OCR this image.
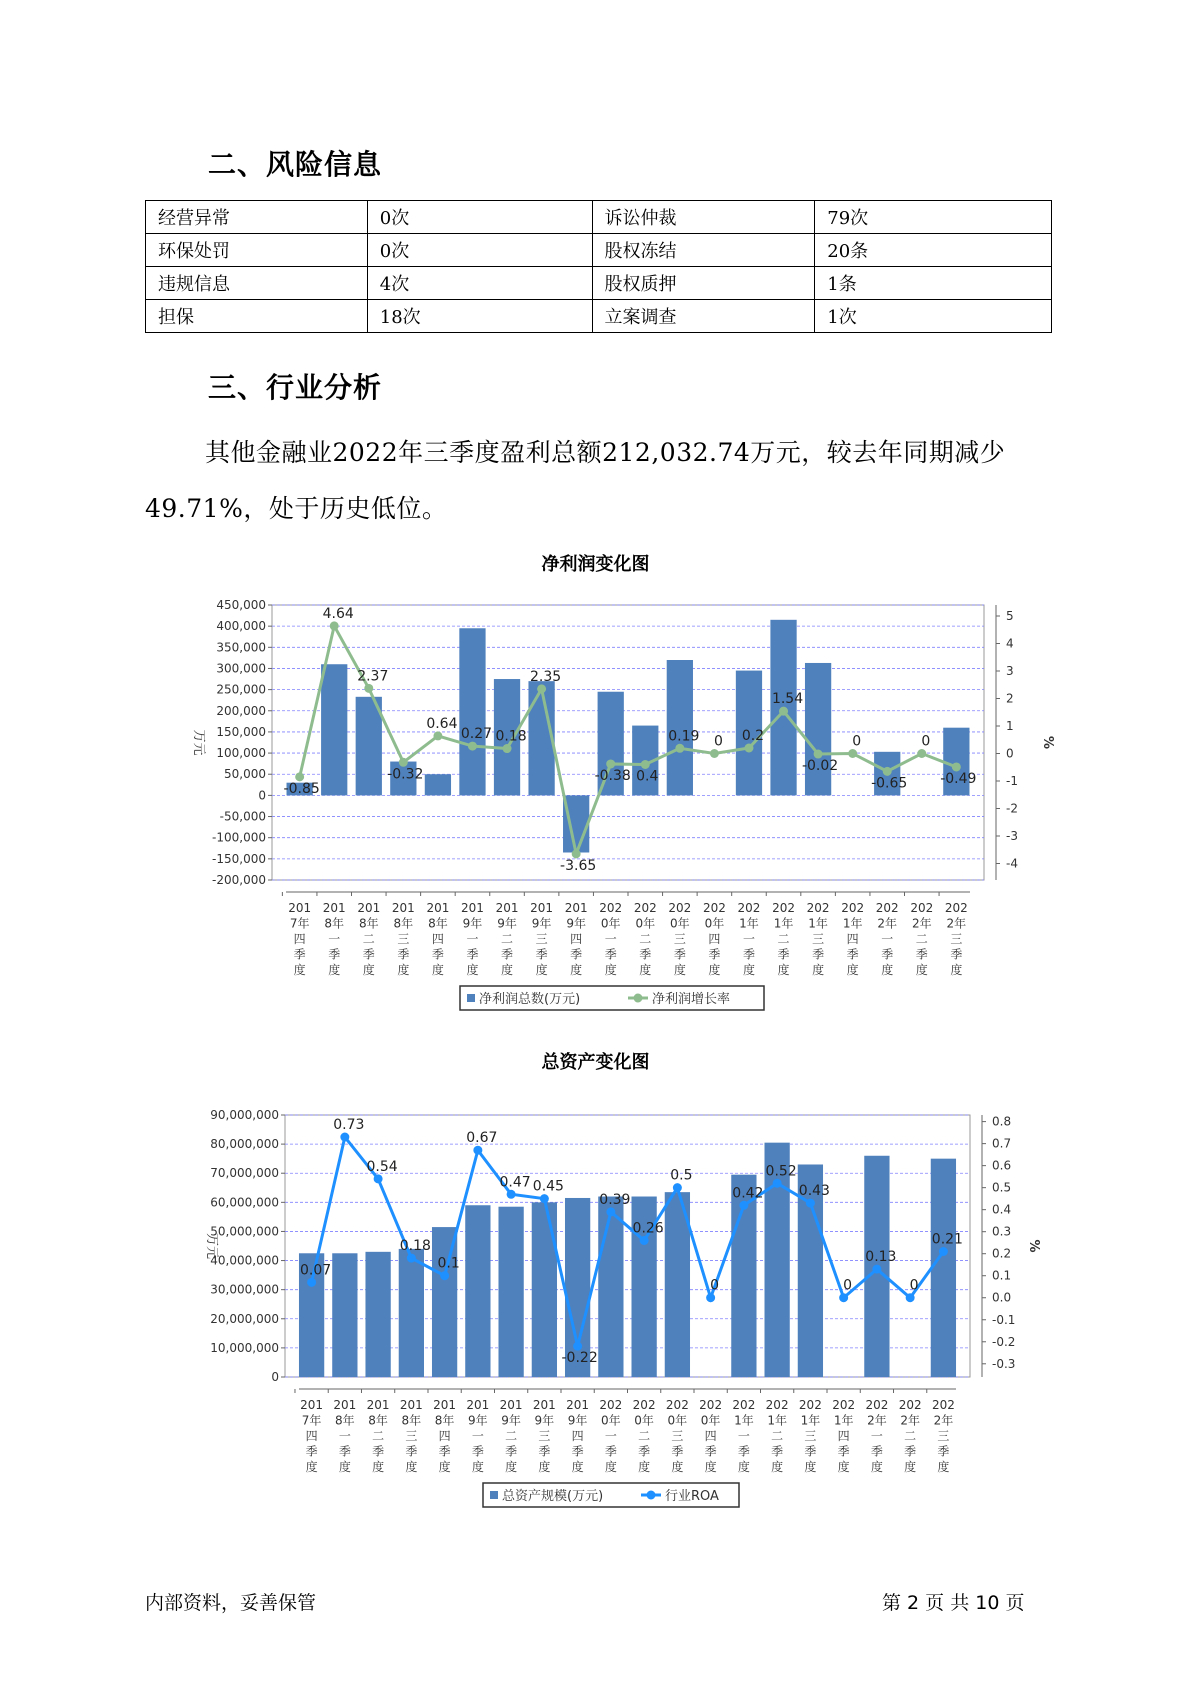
二、风险信息
经营异常	0次	诉讼仲裁	79次
环保处罚	0次	股权冻结	20条
违规信息	4次	股权质押	1条
担保	18次	立案调查	1次
三、行业分析
其他金融业2022年三季度盈利总额212,032.74万元，较去年同期减少49.71%，处于历史低位。
净利润变化图
450,000
400,000
350,000
300,000
250,000
200,000
150,000
100,000
50,000
0
-50,000
-100,000
-150,000
-200,000
5
4
3
2
1
0
-1
-2
-3
-4
万元	%
201 7年四季度
201 8年一季度
201 8年二季度
201 8年三季度
201 8年四季度
201 9年一季度
201 9年二季度
201 9年三季度
201 9年四季度
202 0年一季度
202 0年二季度
202 0年三季度
202 0年四季度
202 1年一季度
202 1年二季度
202 1年三季度
202 1年四季度
202 2年一季度
202 2年二季度
202 2年三季度
-0.85
4.64
2.37
-0.32
0.64
0.27 0.18
2.35
-3.65
-0.38 0.4
0.19 0 0.2
1.54
-0.02
0
-0.65
0
-0.49
净利润总数(万元)	净利润增长率
总资产变化图
90,000,000
80,000,000
70,000,000
60,000,000
50,000,000
40,000,000
30,000,000
20,000,000
10,000,000
0
0.8
0.7
0.6
0.5
0.4
0.3
0.2
0.1
0.0
-0.1
-0.2
-0.3
万元	%
201 7年四季度
201 8年一季度
201 8年二季度
201 8年三季度
201 8年四季度
201 9年一季度
201 9年二季度
201 9年三季度
201 9年四季度
202 0年一季度
202 0年二季度
202 0年三季度
202 0年四季度
202 1年一季度
202 1年二季度
202 1年三季度
202 1年四季度
202 2年一季度
202 2年二季度
202 2年三季度
0.07
0.73
0.54
0.18
0.1
0.67
0.47 0.45
-0.22
0.39
0.26
0.5
0
0.42
0.52
0.43
0
0.13
0
0.21
总资产规模(万元)	行业ROA
内部资料，妥善保管	第 2 页 共 10 页
